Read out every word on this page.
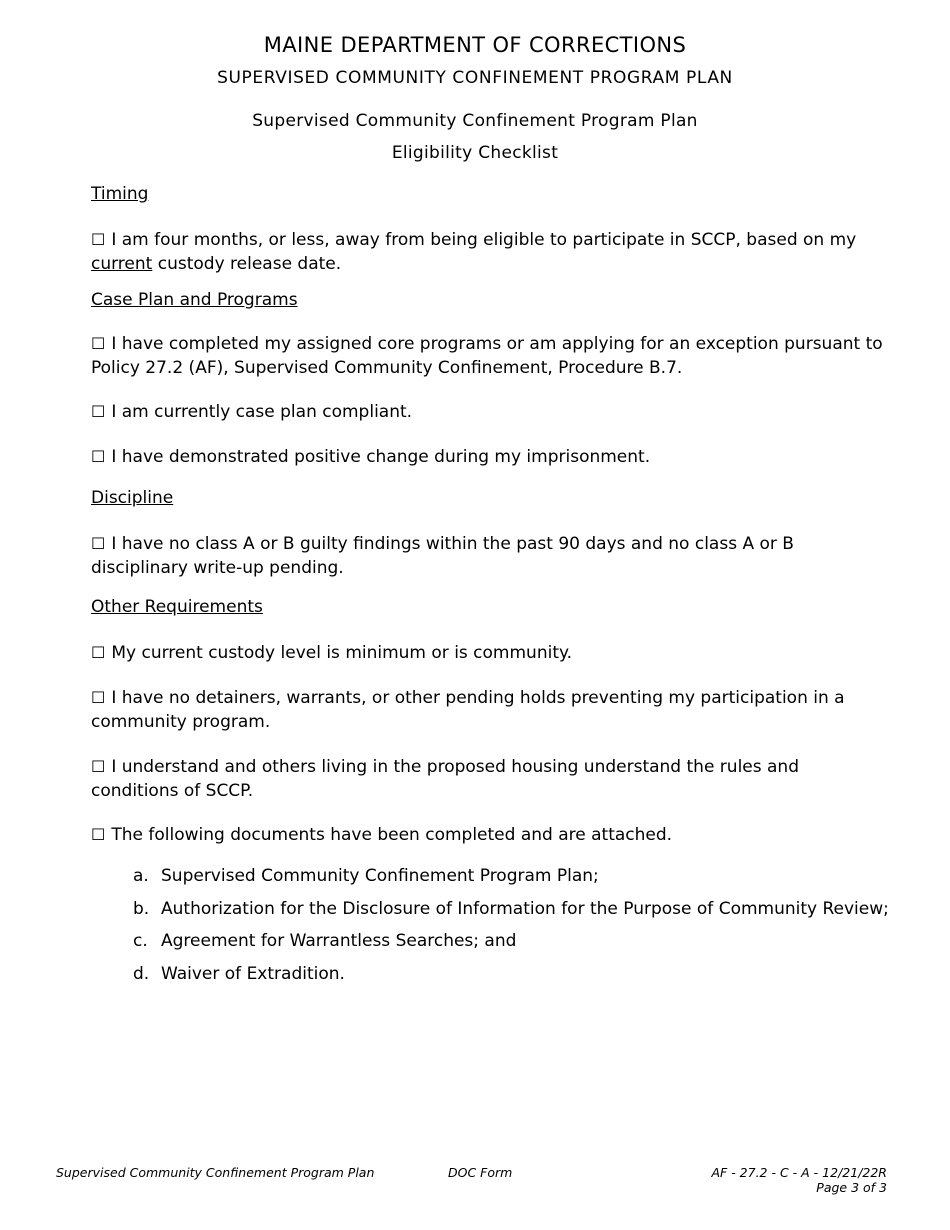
MAINE DEPARTMENT OF CORRECTIONS
SUPERVISED COMMUNITY CONFINEMENT PROGRAM PLAN
Supervised Community Confinement Program Plan
Eligibility Checklist
Timing
☐ I am four months, or less, away from being eligible to participate in SCCP, based on my current custody release date.
Case Plan and Programs
☐ I have completed my assigned core programs or am applying for an exception pursuant to Policy 27.2 (AF), Supervised Community Confinement, Procedure B.7.
☐ I am currently case plan compliant.
☐ I have demonstrated positive change during my imprisonment.
Discipline
☐ I have no class A or B guilty findings within the past 90 days and no class A or B disciplinary write-up pending.
Other Requirements
☐ My current custody level is minimum or is community.
☐ I have no detainers, warrants, or other pending holds preventing my participation in a community program.
☐ I understand and others living in the proposed housing understand the rules and conditions of SCCP.
☐ The following documents have been completed and are attached.
a. Supervised Community Confinement Program Plan;
b. Authorization for the Disclosure of Information for the Purpose of Community Review;
c. Agreement for Warrantless Searches; and
d. Waiver of Extradition.
Supervised Community Confinement Program Plan	DOC Form	AF - 27.2 - C - A - 12/21/22R
Page 3 of 3
